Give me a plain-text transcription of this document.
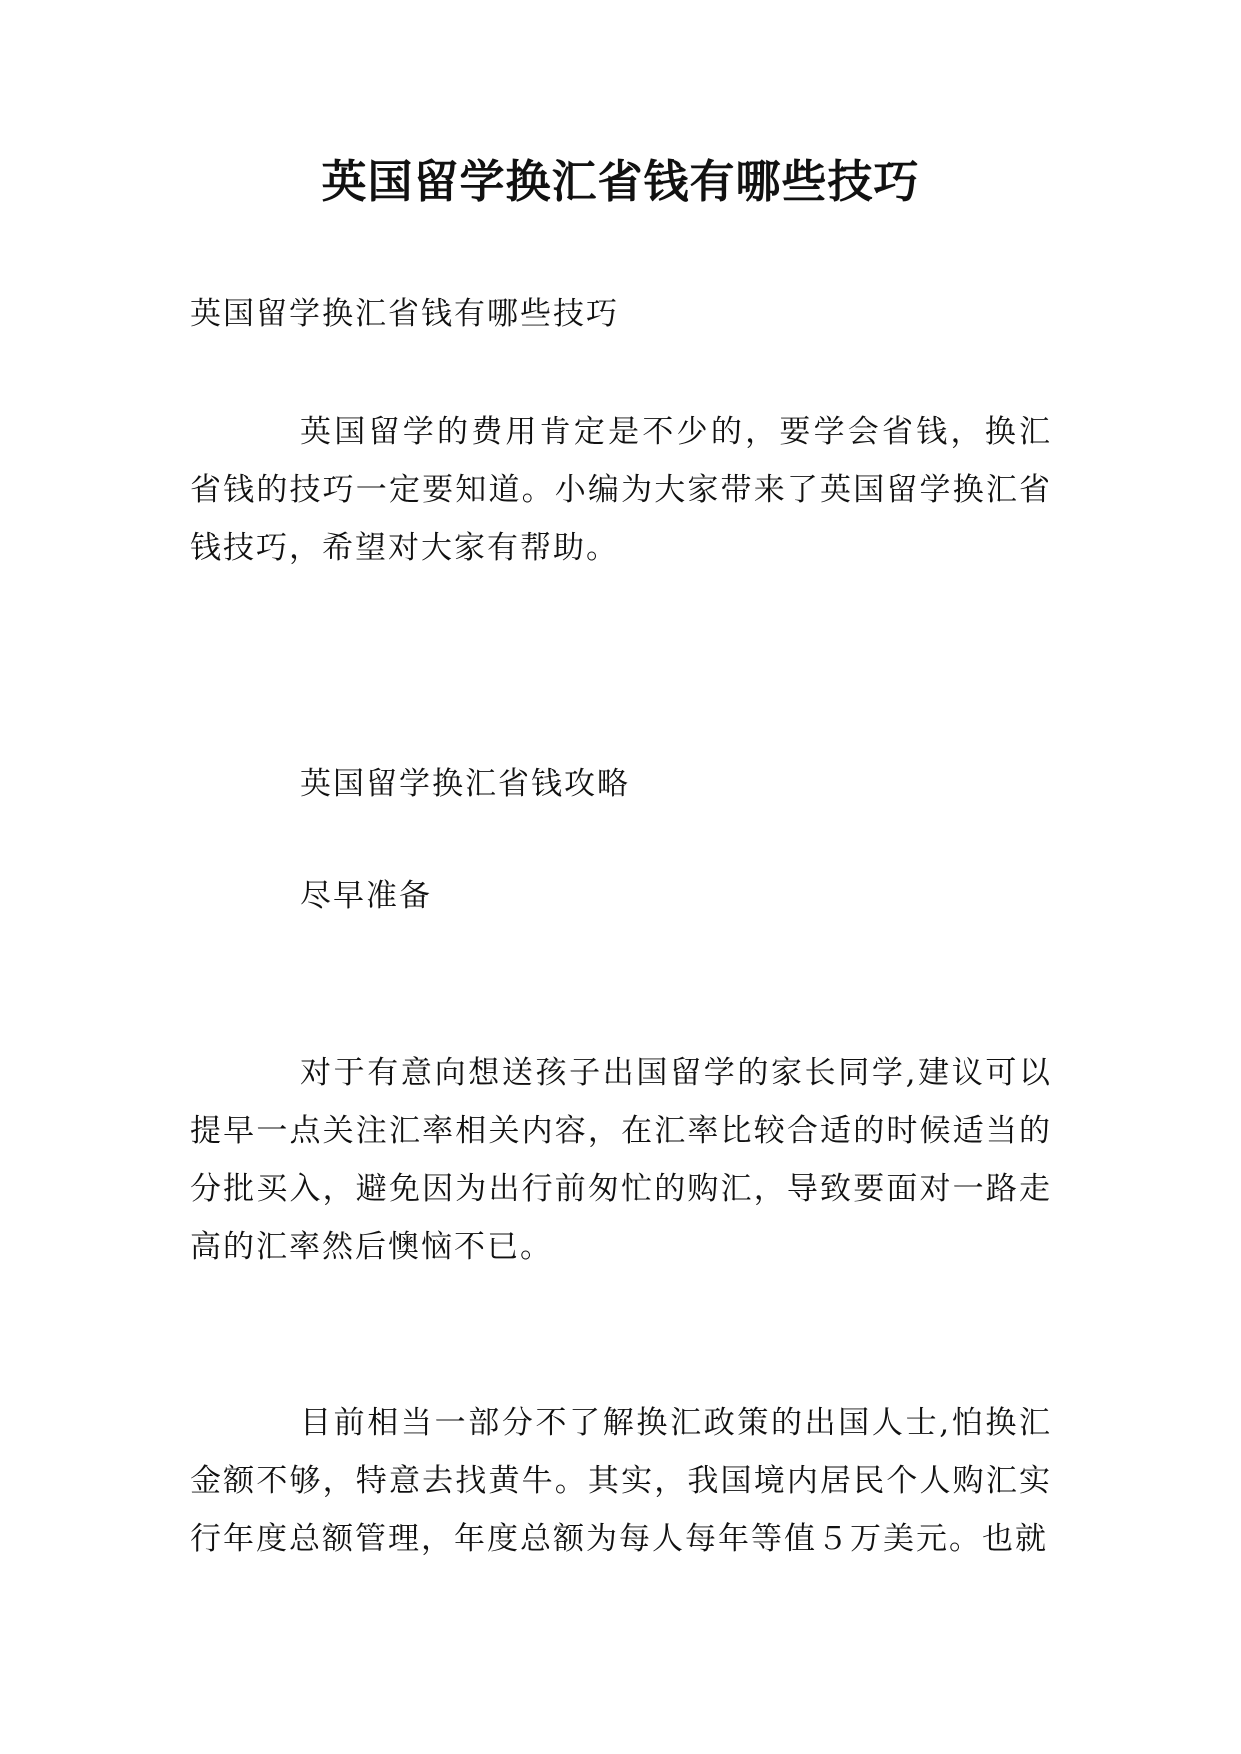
英国留学换汇省钱有哪些技巧
英国留学换汇省钱有哪些技巧

英国留学的费用肯定是不少的，要学会省钱，换汇省钱的技巧一定要知道。小编为大家带来了英国留学换汇省钱技巧，希望对大家有帮助。

英国留学换汇省钱攻略
尽早准备

对于有意向想送孩子出国留学的家长同学,建议可以提早一点关注汇率相关内容，在汇率比较合适的时候适当的分批买入，避免因为出行前匆忙的购汇，导致要面对一路走高的汇率然后懊恼不已。

目前相当一部分不了解换汇政策的出国人士,怕换汇金额不够，特意去找黄牛。其实，我国境内居民个人购汇实行年度总额管理，年度总额为每人每年等值５万美元。也就
